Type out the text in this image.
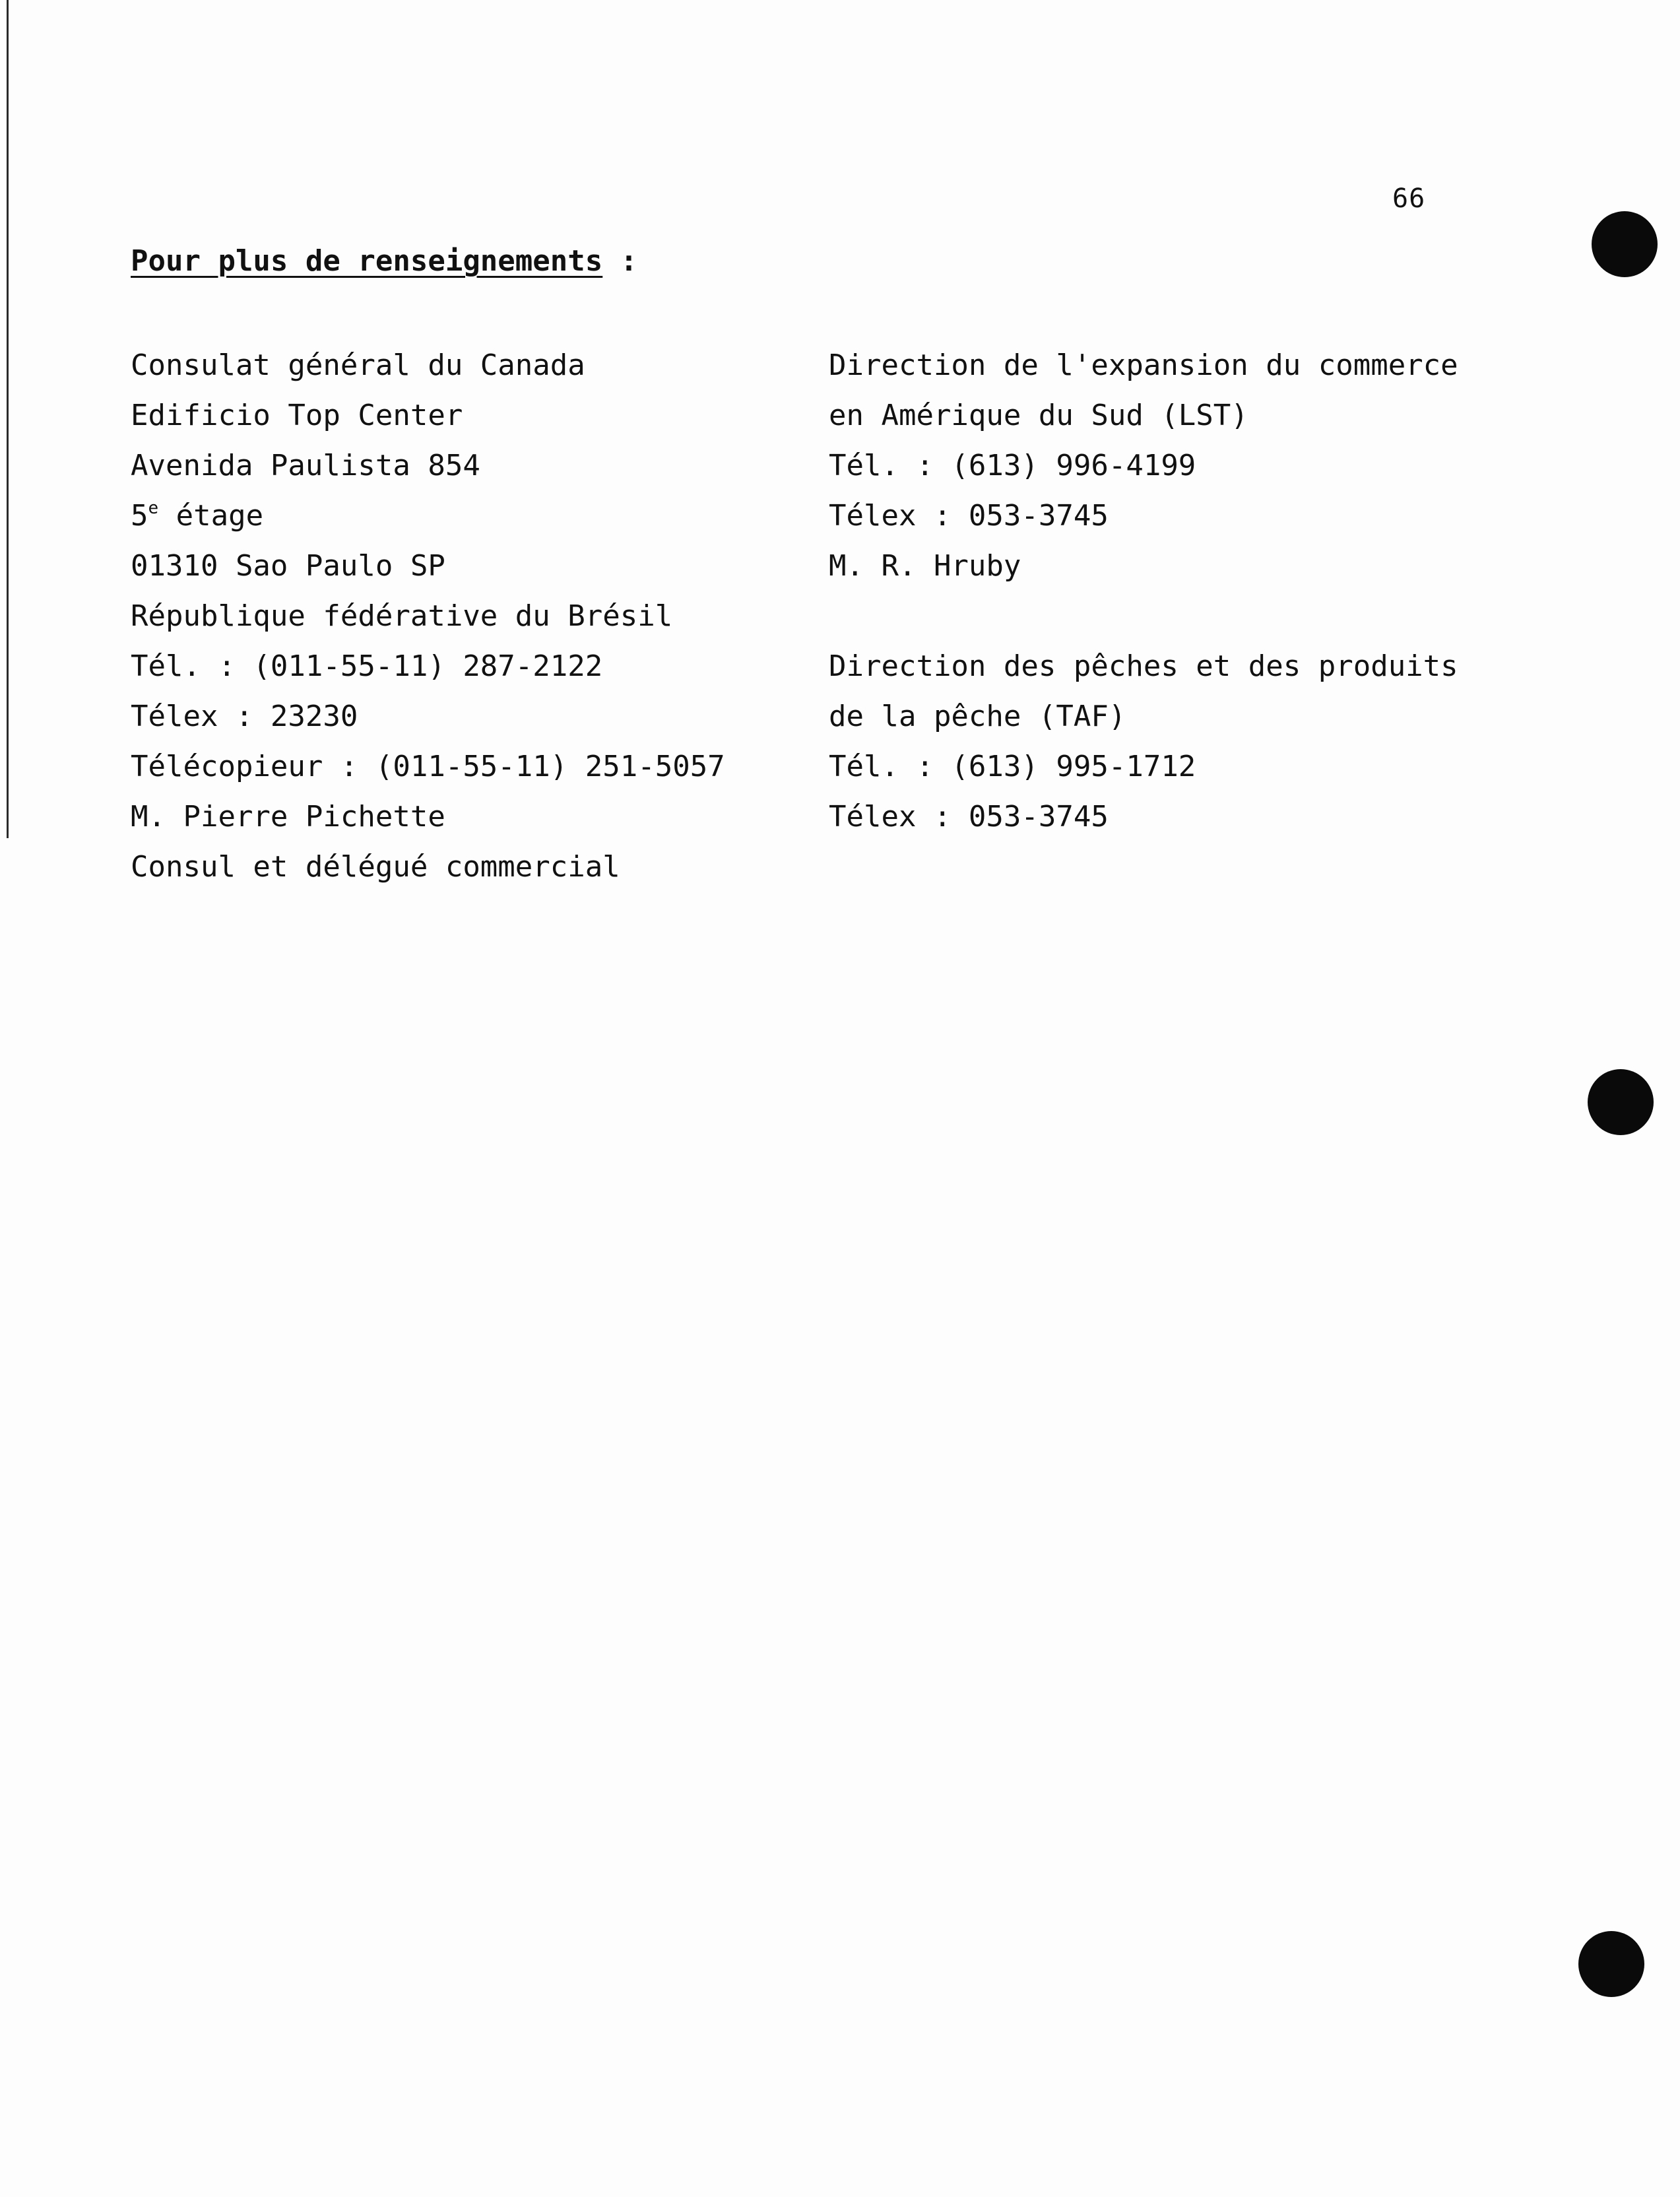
66
Pour plus de renseignements :
Consulat général du Canada
Edificio Top Center
Avenida Paulista 854
5e étage
01310 Sao Paulo SP
République fédérative du Brésil
Tél. : (011-55-11) 287-2122
Télex : 23230
Télécopieur : (011-55-11) 251-5057
M. Pierre Pichette
Consul et délégué commercial
Direction de l'expansion du commerce
en Amérique du Sud (LST)
Tél. : (613) 996-4199
Télex : 053-3745
M. R. Hruby
Direction des pêches et des produits
de la pêche (TAF)
Tél. : (613) 995-1712
Télex : 053-3745
